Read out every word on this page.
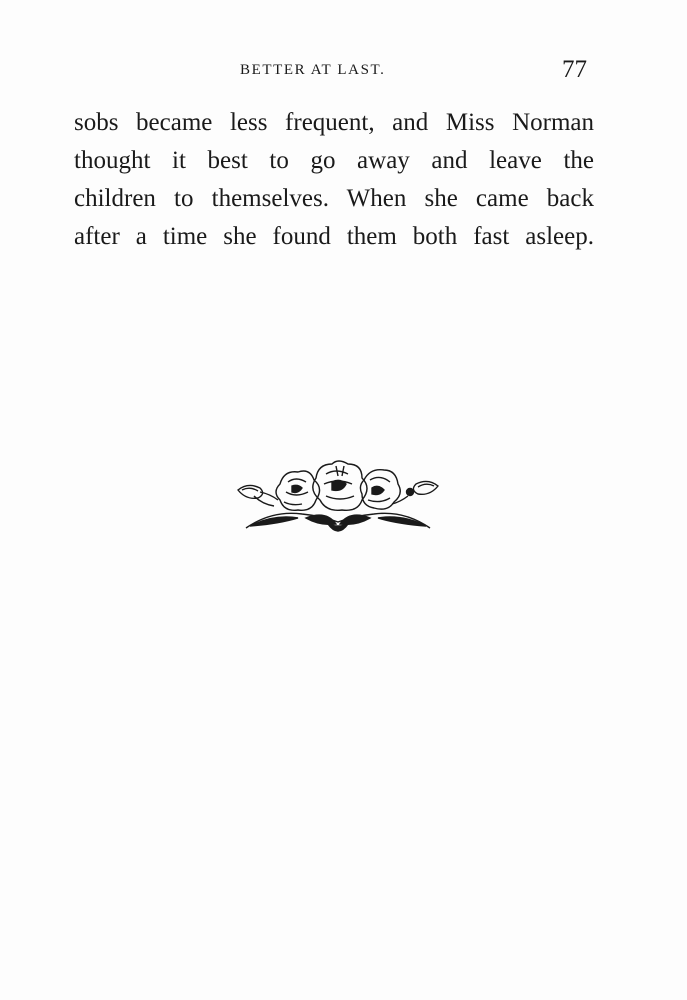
BETTER AT LAST.	77
sobs became less frequent, and Miss Norman
thought it best to go away and leave the
children to themselves. When she came back
after a time she found them both fast asleep.
